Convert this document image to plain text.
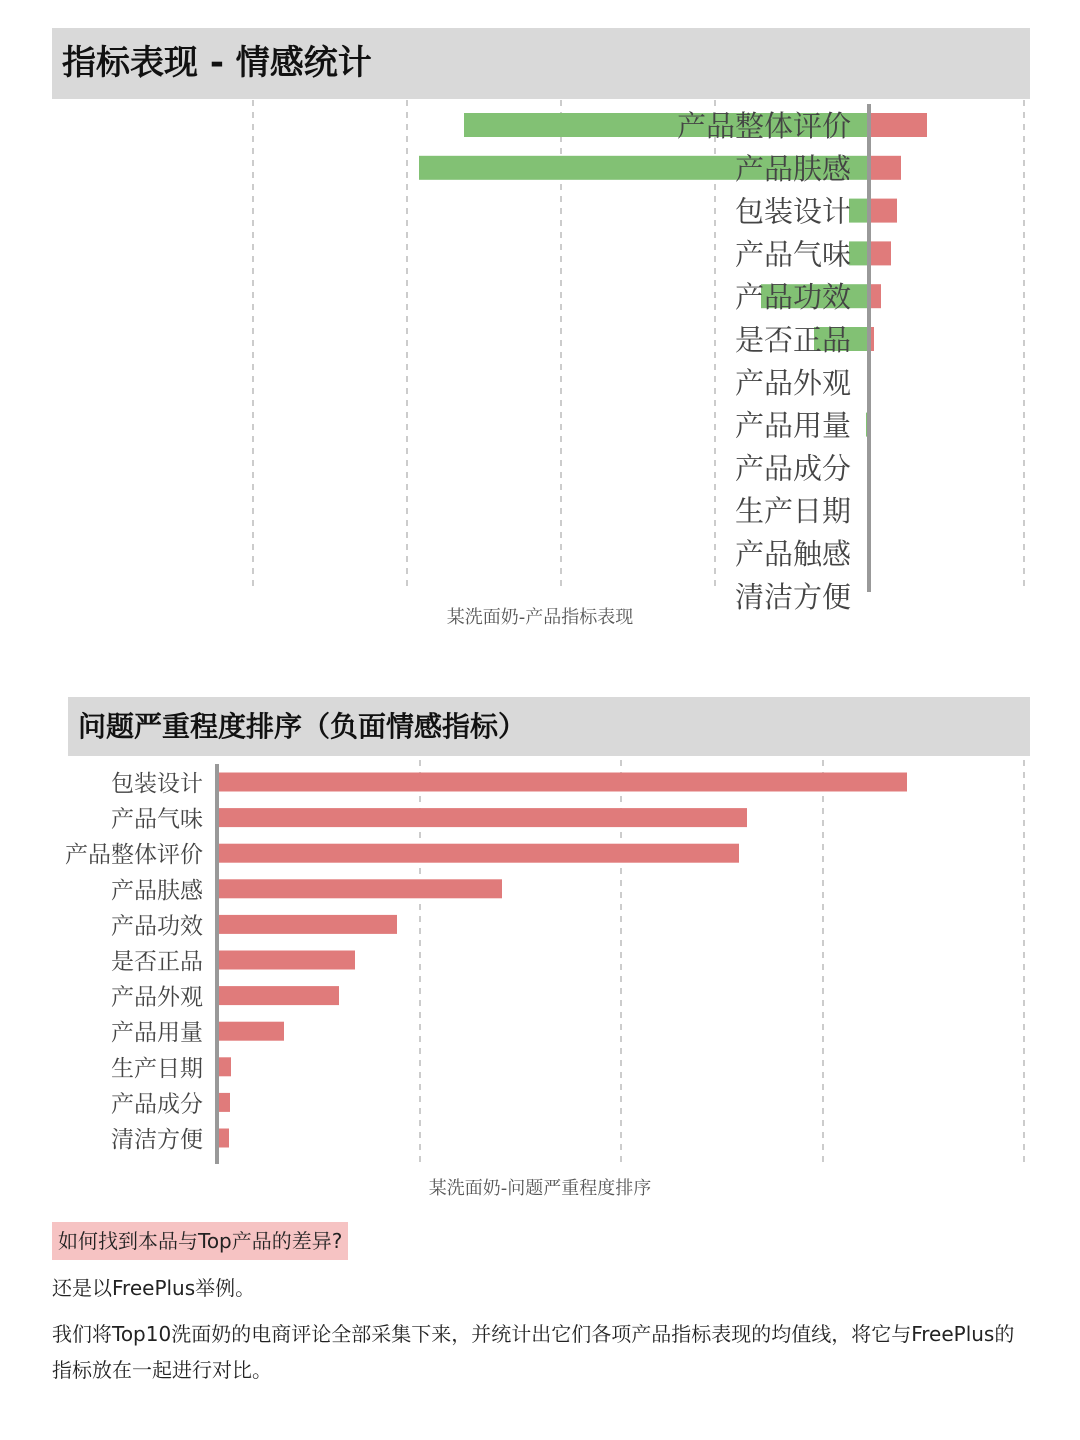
指标表现 - 情感统计
产品整体评价
产品肤感
包装设计
产品气味
产品功效
是否正品
产品外观
产品用量
产品成分
生产日期
产品触感
清洁方便
某洗面奶-产品指标表现
问题严重程度排序（负面情感指标）
包装设计
产品气味
产品整体评价
产品肤感
产品功效
是否正品
产品外观
产品用量
生产日期
产品成分
清洁方便
某洗面奶-问题严重程度排序
如何找到本品与Top产品的差异?
还是以FreePlus举例。
我们将Top10洗面奶的电商评论全部采集下来，并统计出它们各项产品指标表现的均值线，将它与FreePlus的指标放在一起进行对比。
